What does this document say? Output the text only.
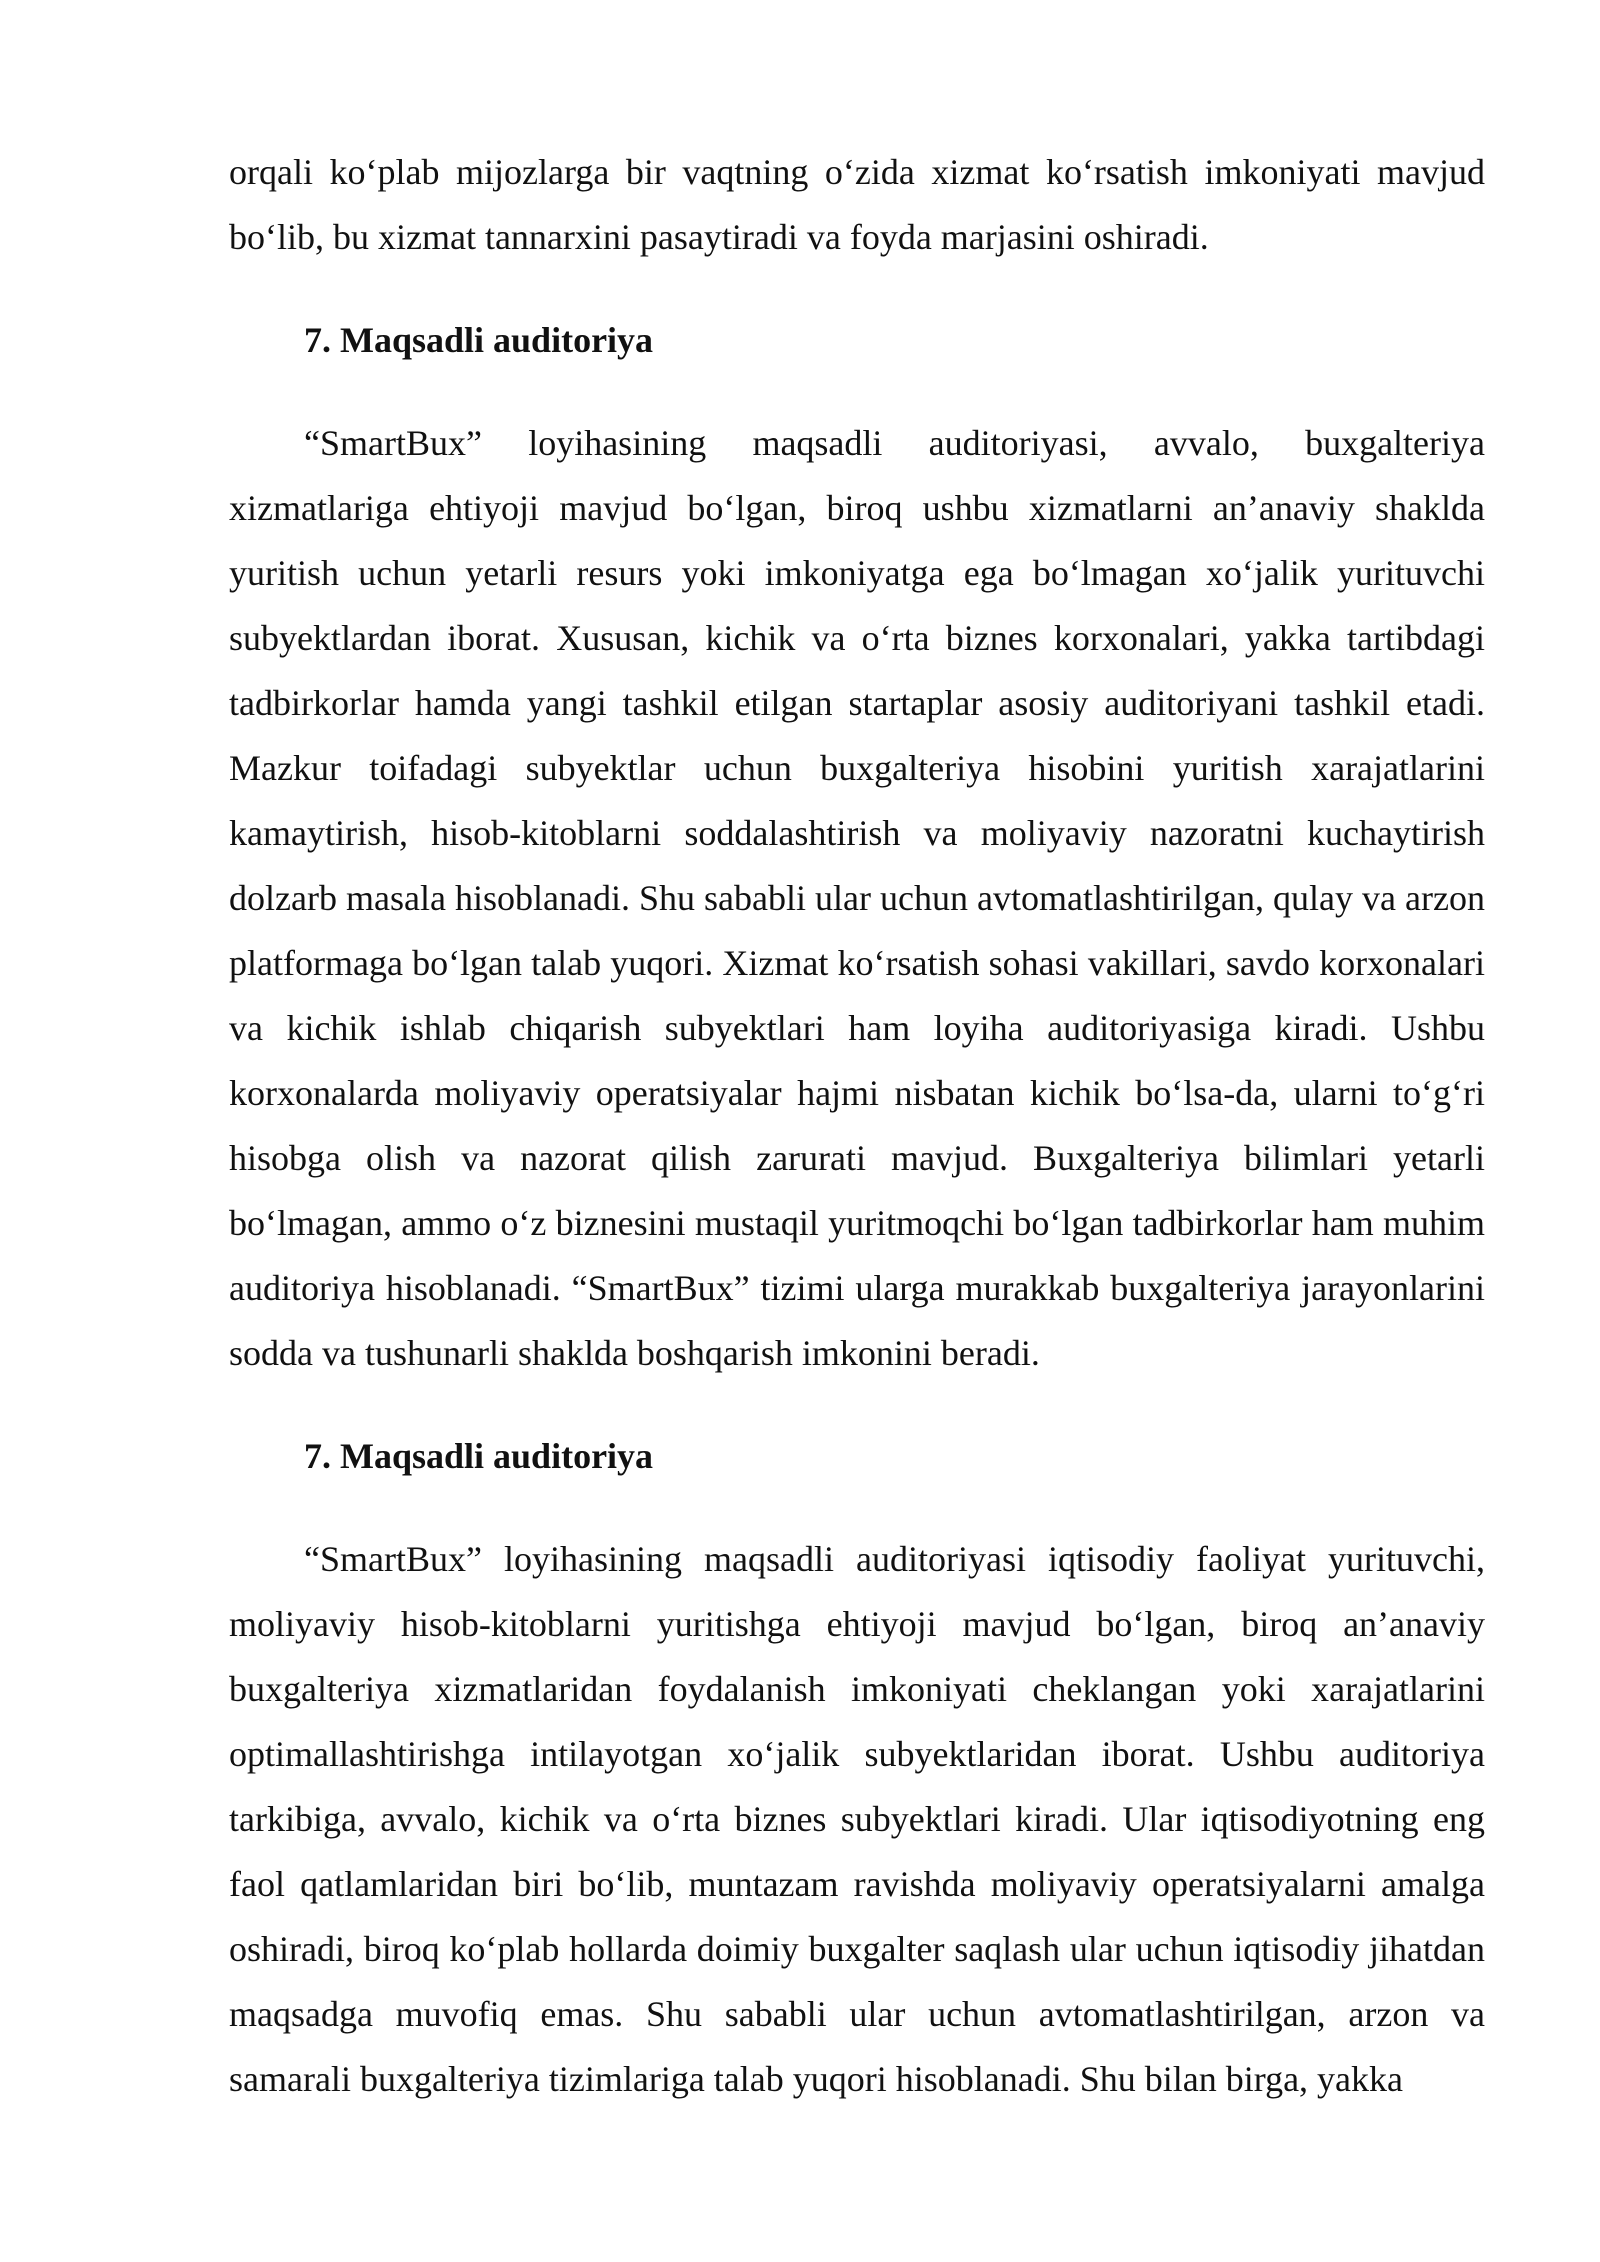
orqali ko‘plab mijozlarga bir vaqtning o‘zida xizmat ko‘rsatish imkoniyati mavjud bo‘lib, bu xizmat tannarxini pasaytiradi va foyda marjasini oshiradi.

7. Maqsadli auditoriya

“SmartBux” loyihasining maqsadli auditoriyasi, avvalo, buxgalteriya xizmatlariga ehtiyoji mavjud bo‘lgan, biroq ushbu xizmatlarni an’anaviy shaklda yuritish uchun yetarli resurs yoki imkoniyatga ega bo‘lmagan xo‘jalik yurituvchi subyektlardan iborat. Xususan, kichik va o‘rta biznes korxonalari, yakka tartibdagi tadbirkorlar hamda yangi tashkil etilgan startaplar asosiy auditoriyani tashkil etadi. Mazkur toifadagi subyektlar uchun buxgalteriya hisobini yuritish xarajatlarini kamaytirish, hisob-kitoblarni soddalashtirish va moliyaviy nazoratni kuchaytirish dolzarb masala hisoblanadi. Shu sababli ular uchun avtomatlashtirilgan, qulay va arzon platformaga bo‘lgan talab yuqori. Xizmat ko‘rsatish sohasi vakillari, savdo korxonalari va kichik ishlab chiqarish subyektlari ham loyiha auditoriyasiga kiradi. Ushbu korxonalarda moliyaviy operatsiyalar hajmi nisbatan kichik bo‘lsa-da, ularni to‘g‘ri hisobga olish va nazorat qilish zarurati mavjud. Buxgalteriya bilimlari yetarli bo‘lmagan, ammo o‘z biznesini mustaqil yuritmoqchi bo‘lgan tadbirkorlar ham muhim auditoriya hisoblanadi. “SmartBux” tizimi ularga murakkab buxgalteriya jarayonlarini sodda va tushunarli shaklda boshqarish imkonini beradi.

7. Maqsadli auditoriya

“SmartBux” loyihasining maqsadli auditoriyasi iqtisodiy faoliyat yurituvchi, moliyaviy hisob-kitoblarni yuritishga ehtiyoji mavjud bo‘lgan, biroq an’anaviy buxgalteriya xizmatlaridan foydalanish imkoniyati cheklangan yoki xarajatlarini optimallashtirishga intilayotgan xo‘jalik subyektlaridan iborat. Ushbu auditoriya tarkibiga, avvalo, kichik va o‘rta biznes subyektlari kiradi. Ular iqtisodiyotning eng faol qatlamlaridan biri bo‘lib, muntazam ravishda moliyaviy operatsiyalarni amalga oshiradi, biroq ko‘plab hollarda doimiy buxgalter saqlash ular uchun iqtisodiy jihatdan maqsadga muvofiq emas. Shu sababli ular uchun avtomatlashtirilgan, arzon va samarali buxgalteriya tizimlariga talab yuqori hisoblanadi. Shu bilan birga, yakka
